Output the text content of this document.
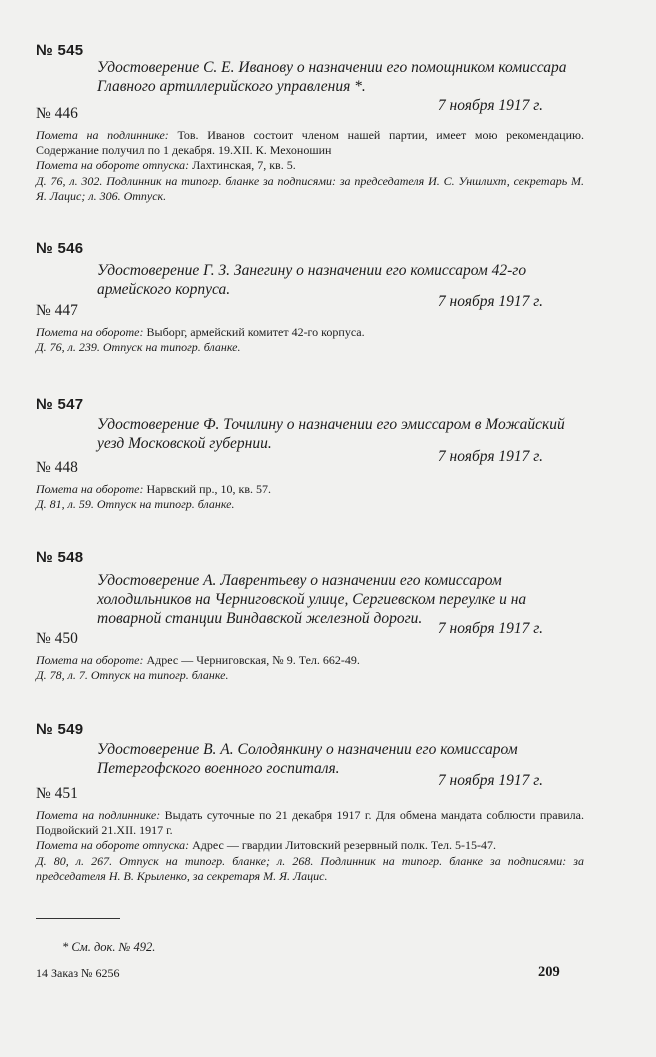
№ 545

Удостоверение С. Е. Иванову о назначении его помощником комиссара Главного артиллерийского управления *.

7 ноября 1917 г.
№ 446

Помета на подлиннике: Тов. Иванов состоит членом нашей партии, имеет мою рекомендацию. Содержание получил по 1 декабря. 19.XII. К. Мехоношин

Помета на обороте отпуска: Лахтинская, 7, кв. 5.

Д. 76, л. 302. Подлинник на типогр. бланке за подписями: за председателя И. С. Уншлихт, секретарь М. Я. Лацис; л. 306. Отпуск.

№ 546

Удостоверение Г. З. Занегину о назначении его комиссаром 42-го армейского корпуса.

7 ноября 1917 г.
№ 447

Помета на обороте: Выборг, армейский комитет 42-го корпуса.

Д. 76, л. 239. Отпуск на типогр. бланке.

№ 547

Удостоверение Ф. Точилину о назначении его эмиссаром в Можайский уезд Московской губернии.

7 ноября 1917 г.
№ 448

Помета на обороте: Нарвский пр., 10, кв. 57.

Д. 81, л. 59. Отпуск на типогр. бланке.

№ 548

Удостоверение А. Лаврентьеву о назначении его комиссаром холодильников на Черниговской улице, Сергиевском переулке и на товарной станции Виндавской железной дороги.

7 ноября 1917 г.
№ 450

Помета на обороте: Адрес — Черниговская, № 9. Тел. 662-49.

Д. 78, л. 7. Отпуск на типогр. бланке.

№ 549

Удостоверение В. А. Солодянкину о назначении его комиссаром Петергофского военного госпиталя.

7 ноября 1917 г.
№ 451

Помета на подлиннике: Выдать суточные по 21 декабря 1917 г. Для обмена мандата соблюсти правила. Подвойский 21.XII. 1917 г.

Помета на обороте отпуска: Адрес — гвардии Литовский резервный полк. Тел. 5-15-47.

Д. 80, л. 267. Отпуск на типогр. бланке; л. 268. Подлинник на типогр. бланке за подписями: за председателя Н. В. Крыленко, за секретаря М. Я. Лацис.

* См. док. № 492.
14 Заказ № 6256	209
